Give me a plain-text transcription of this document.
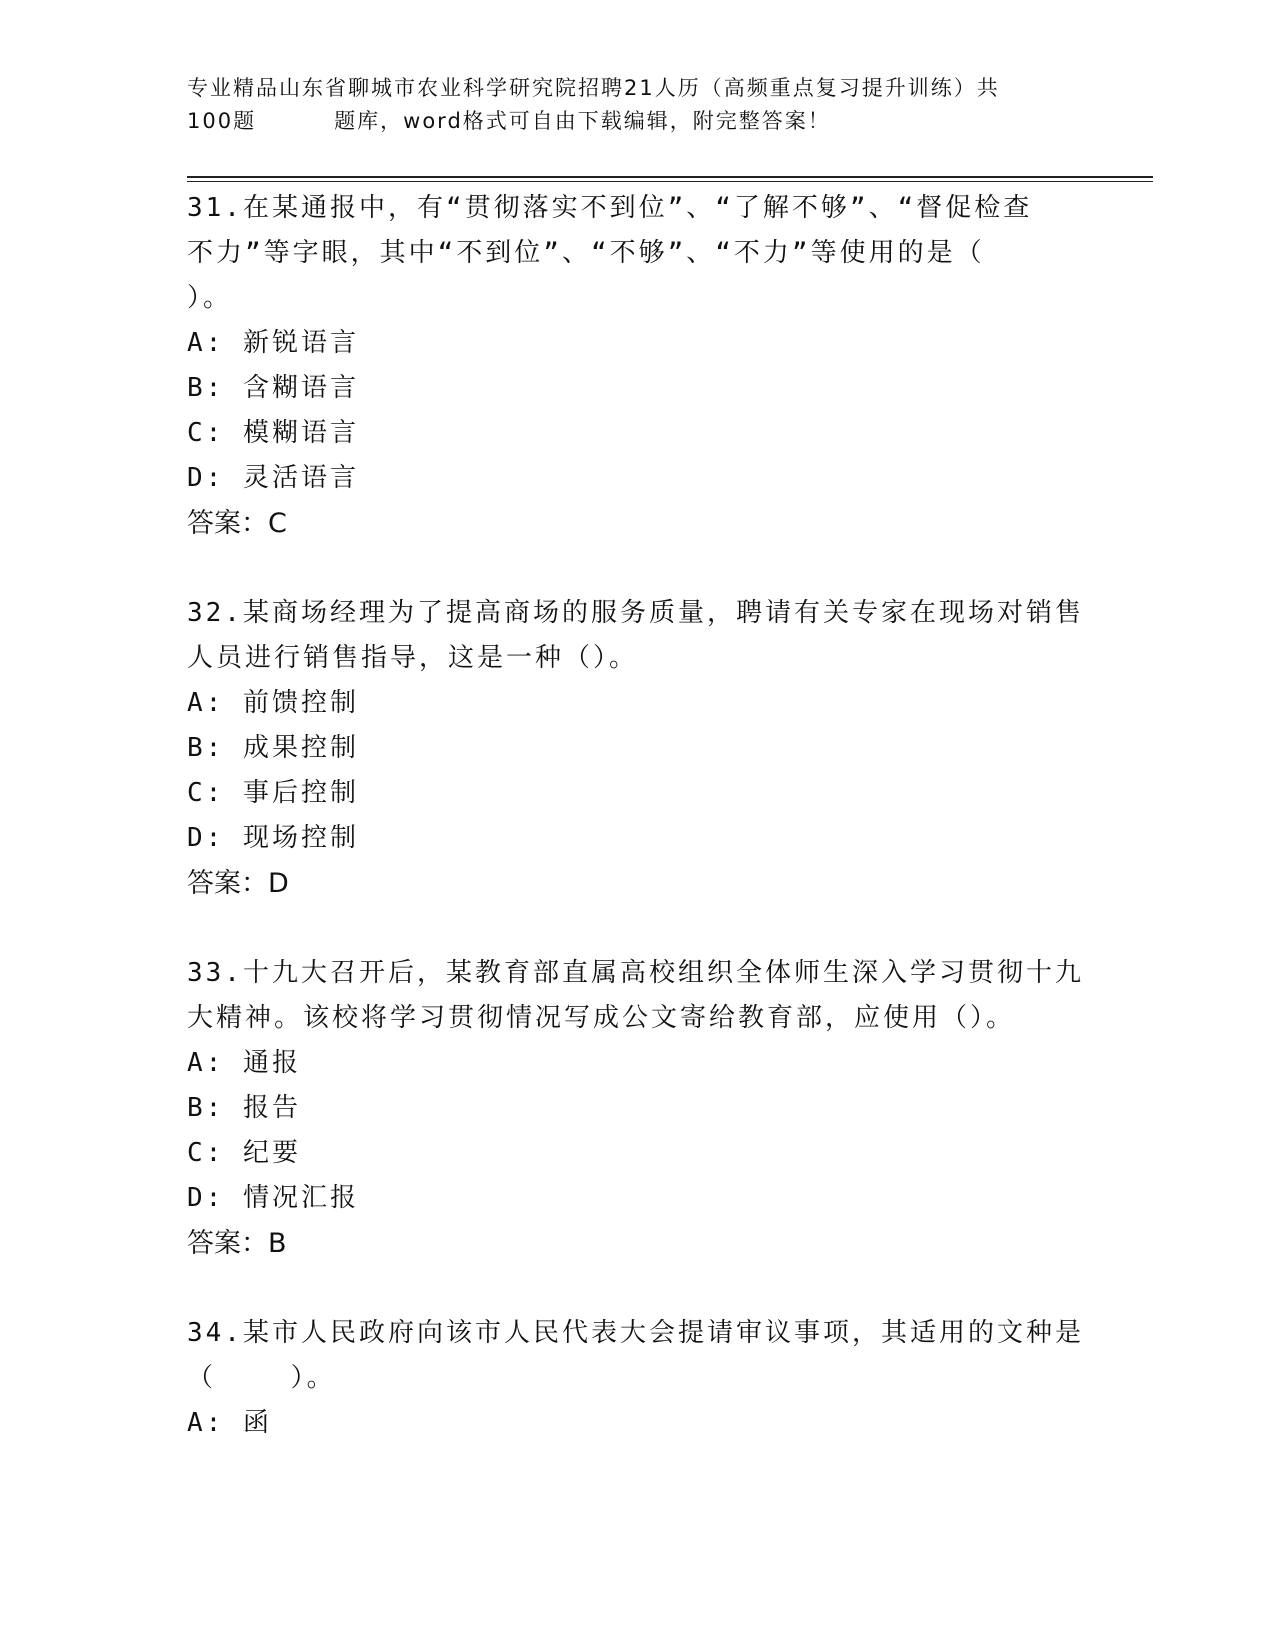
专业精品山东省聊城市农业科学研究院招聘21人历（高频重点复习提升训练）共
100题         题库，word格式可自由下载编辑，附完整答案！

31.在某通报中，有“贯彻落实不到位”、“了解不够”、“督促检查

不力”等字眼，其中“不到位”、“不够”、“不力”等使用的是（

）。

A: 新锐语言

B: 含糊语言

C: 模糊语言

D: 灵活语言

答案：C

32.某商场经理为了提高商场的服务质量，聘请有关专家在现场对销售

人员进行销售指导，这是一种（）。

A: 前馈控制

B: 成果控制

C: 事后控制

D: 现场控制

答案：D

33.十九大召开后，某教育部直属高校组织全体师生深入学习贯彻十九

大精神。该校将学习贯彻情况写成公文寄给教育部，应使用（）。

A: 通报

B: 报告

C: 纪要

D: 情况汇报

答案：B

34.某市人民政府向该市人民代表大会提请审议事项，其适用的文种是

（    ）。

A: 函
